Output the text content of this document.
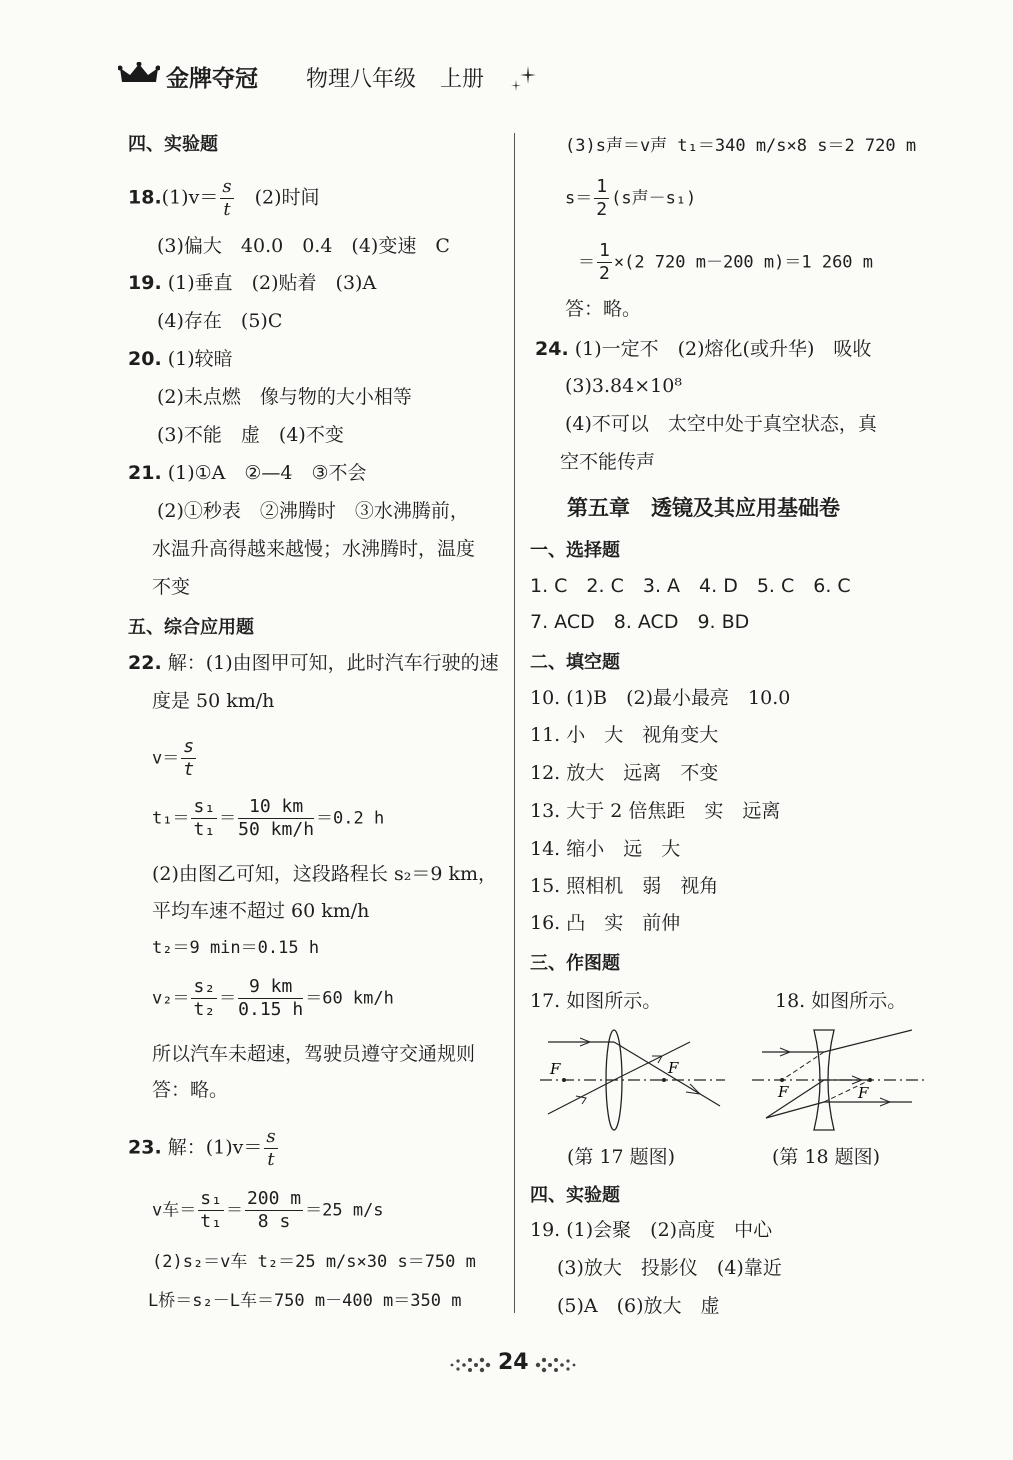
金牌夺冠 物理八年级 上册
四、实验题
$18.(1)v= \frac{s}{t}$
　 (2)时间
(3)偏大　40.0　0.4　(4)变速　C
19. (1)垂直　(2)贴着　(3)A
(4)存在　(5)C
20. (1)较暗
(2)未点燃　像与物的大小相等
(3)不能　虚　(4)不变
21. (1)①A　②—4　③不会
(2)①秒表　②沸腾时　③水沸腾前，
水温升高得越来越慢；水沸腾时，温度
不变
五、综合应用题
22. 解：(1)由图甲可知，此时汽车行驶的速
度是 50 km/h
$v= \frac{s}{t}$
$t_1= \frac{\text{s₁}}{\text{t₁}} = \frac{10 km}{50 km/h} =0.2$ h
(2)由图乙可知，这段路程长 s₂＝9 km，
平均车速不超过 60 km/h
t₂＝9 min＝0.15 h
$v_2= \frac{\text{s₂}}{\text{t₂}} = \frac{9 km}{0.15 h} =60$ km/h
所以汽车未超速，驾驶员遵守交通规则
答：略。
23. 解：$(1)v= \frac{s}{t}$
v车＝ $\frac{\text{s₁}}{\text{t₁}} = \frac{200 m}{8 s} =25$ m/s
(2)s₂＝v车 t₂＝25 m/s×30 s＝750 m
L桥＝s₂－L车＝750 m－400 m＝350 m
(3)s声＝v声 t₁＝340 m/s×8 s＝2 720 m
$s= \frac{1}{2} (s$声－s₁)
＝ $\frac{1}{2} \times(2$ 720 m－200 m)＝1 260 m
答：略。
24. (1)一定不　(2)熔化(或升华)　吸收
(3)3.84×10⁸
(4)不可以　太空中处于真空状态，真
空不能传声
第五章　透镜及其应用基础卷
一、选择题
1. C　2. C　3. A　4. D　5. C　6. C
7. ACD　8. ACD　9. BD
二、填空题
10. (1)B　(2)最小最亮　10.0
11. 小　大　视角变大
12. 放大　远离　不变
13. 大于 2 倍焦距　实　远离
14. 缩小　远　大
15. 照相机　弱　视角
16. 凸　实　前伸
三、作图题
17. 如图所示。	18. 如图所示。
F	F
F	F
(第 17 题图)	(第 18 题图)
四、实验题
19. (1)会聚　(2)高度　中心
(3)放大　投影仪　(4)靠近
(5)A　(6)放大　虚
24
